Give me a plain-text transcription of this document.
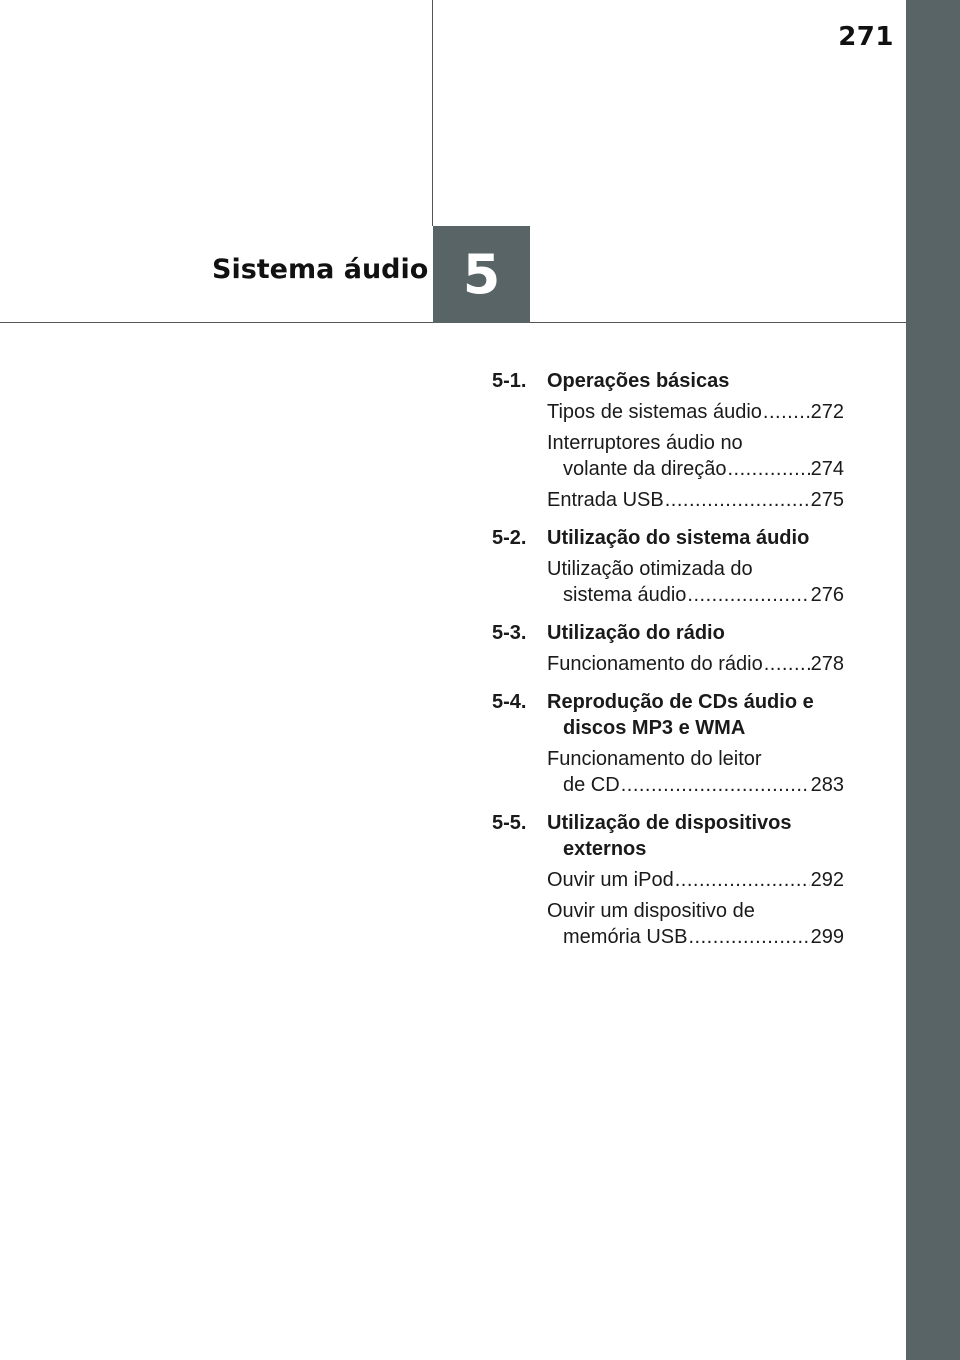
271
Sistema áudio 5
5-1.	Operações básicas
Tipos de sistemas áudio ..... 272
Interruptores áudio no
volante da direção .....	274
Entrada USB .....	275
5-2.	Utilização do sistema áudio
Utilização otimizada do
sistema áudio .....	276
5-3.	Utilização do rádio
Funcionamento do rádio ..... 278
5-4.	Reprodução de CDs áudio e discos MP3 e WMA
Funcionamento do leitor
de CD .....	283
5-5.	Utilização de dispositivos externos
Ouvir um iPod .....	292
Ouvir um dispositivo de
memória USB .....	299
